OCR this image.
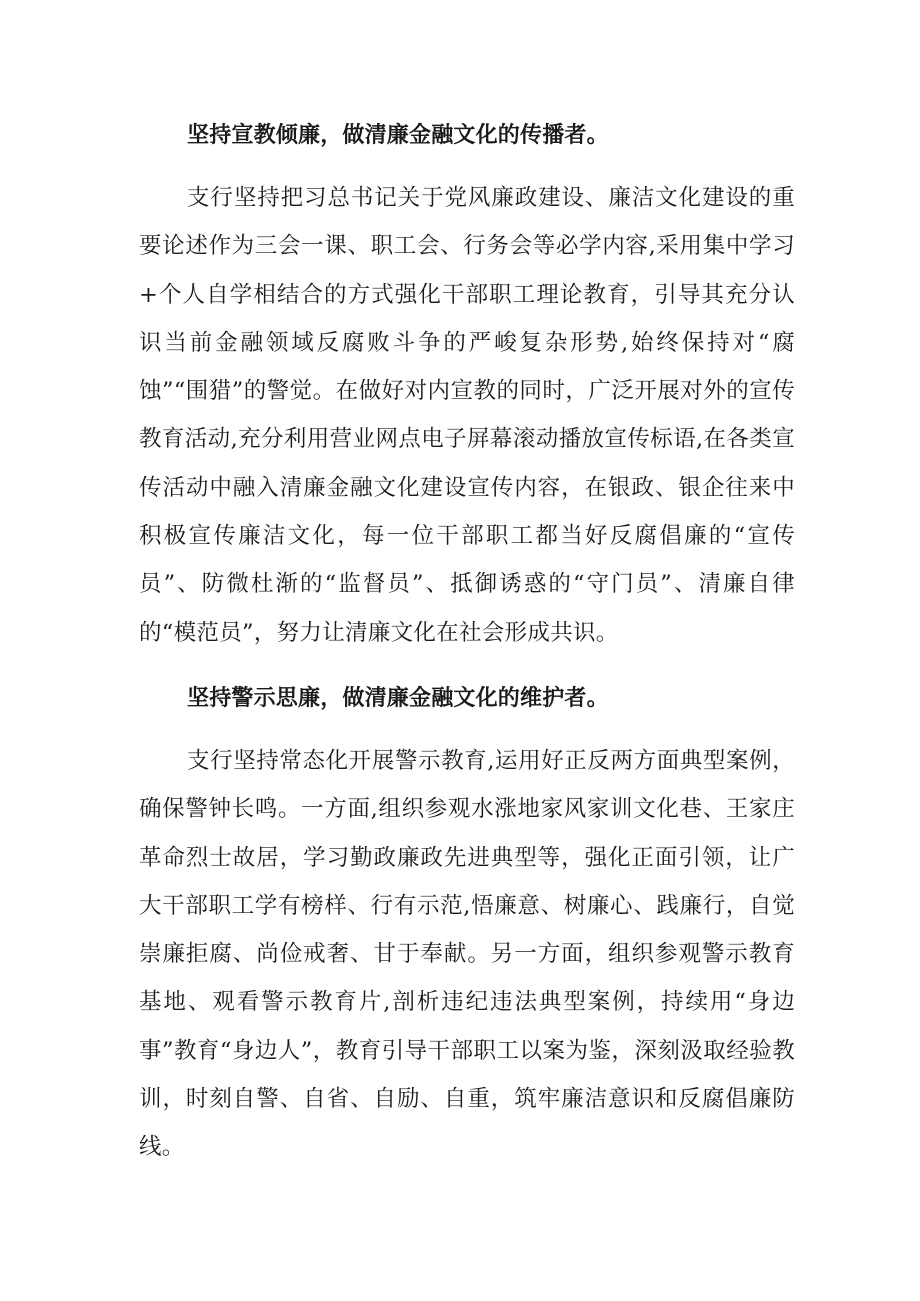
坚持宣教倾廉，做清廉金融文化的传播者。

支行坚持把习总书记关于党风廉政建设、廉洁文化建设的重要论述作为三会一课、职工会、行务会等必学内容,采用集中学习+个人自学相结合的方式强化干部职工理论教育，引导其充分认识当前金融领域反腐败斗争的严峻复杂形势,始终保持对“腐蚀”“围猎”的警觉。在做好对内宣教的同时，广泛开展对外的宣传教育活动,充分利用营业网点电子屏幕滚动播放宣传标语,在各类宣传活动中融入清廉金融文化建设宣传内容，在银政、银企往来中积极宣传廉洁文化，每一位干部职工都当好反腐倡廉的“宣传员”、防微杜渐的“监督员”、抵御诱惑的“守门员”、清廉自律的“模范员”，努力让清廉文化在社会形成共识。

坚持警示思廉，做清廉金融文化的维护者。

支行坚持常态化开展警示教育,运用好正反两方面典型案例，确保警钟长鸣。一方面,组织参观水涨地家风家训文化巷、王家庄革命烈士故居，学习勤政廉政先进典型等，强化正面引领，让广大干部职工学有榜样、行有示范,悟廉意、树廉心、践廉行，自觉崇廉拒腐、尚俭戒奢、甘于奉献。另一方面，组织参观警示教育基地、观看警示教育片,剖析违纪违法典型案例，持续用“身边事”教育“身边人”，教育引导干部职工以案为鉴，深刻汲取经验教训，时刻自警、自省、自励、自重，筑牢廉洁意识和反腐倡廉防线。
